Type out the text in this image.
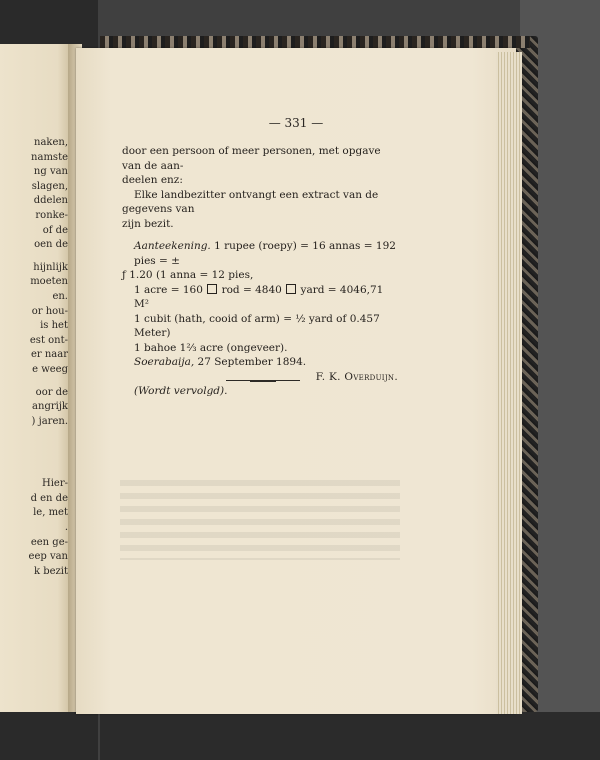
naken,
namste
ng van
slagen,
ddelen
ronke-
of de
oen de
hijnlijk
moeten
en.
or hou-
is het
est ont-
er naar
e weeg
oor de
angrijk
) jaren.
Hier-
d en de
le, met
.
een ge-
eep van
k bezit
— 331 —

door een persoon of meer personen, met opgave van de aan-

deelen enz:

Elke landbezitter ontvangt een extract van de gegevens van

zijn bezit.

Aanteekening. 1 rupee (roepy) = 16 annas = 192 pies = ±

ƒ 1.20 (1 anna = 12 pies,

1 acre = 160  rod = 4840  yard = 4046,71 M²

1 cubit (hath, cooid of arm) = ½ yard of 0.457 Meter)

1 bahoe 1⅔ acre (ongeveer).

Soerabaija, 27 September 1894.
F. K. Overduijn.

(Wordt vervolgd).
